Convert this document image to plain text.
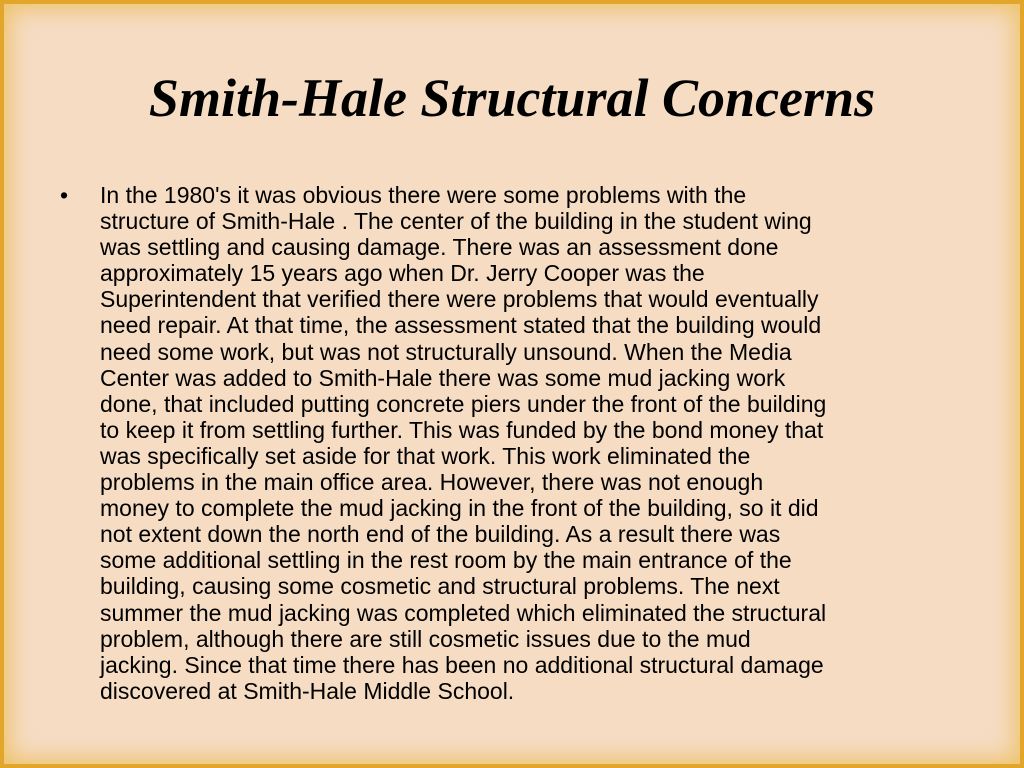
Smith-Hale Structural Concerns
•	In the 1980's it was obvious there were some problems with the
structure of Smith-Hale . The center of the building in the student wing
was settling and causing damage. There was an assessment done
approximately 15 years ago when Dr. Jerry Cooper was the
Superintendent that verified there were problems that would eventually
need repair. At that time, the assessment stated that the building would
need some work, but was not structurally unsound. When the Media
Center was added to Smith-Hale there was some mud jacking work
done, that included putting concrete piers under the front of the building
to keep it from settling further. This was funded by the bond money that
was specifically set aside for that work. This work eliminated the
problems in the main office area. However, there was not enough
money to complete the mud jacking in the front of the building, so it did
not extent down the north end of the building. As a result there was
some additional settling in the rest room by the main entrance of the
building, causing some cosmetic and structural problems. The next
summer the mud jacking was completed which eliminated the structural
problem, although there are still cosmetic issues due to the mud
jacking. Since that time there has been no additional structural damage
discovered at Smith-Hale Middle School.
